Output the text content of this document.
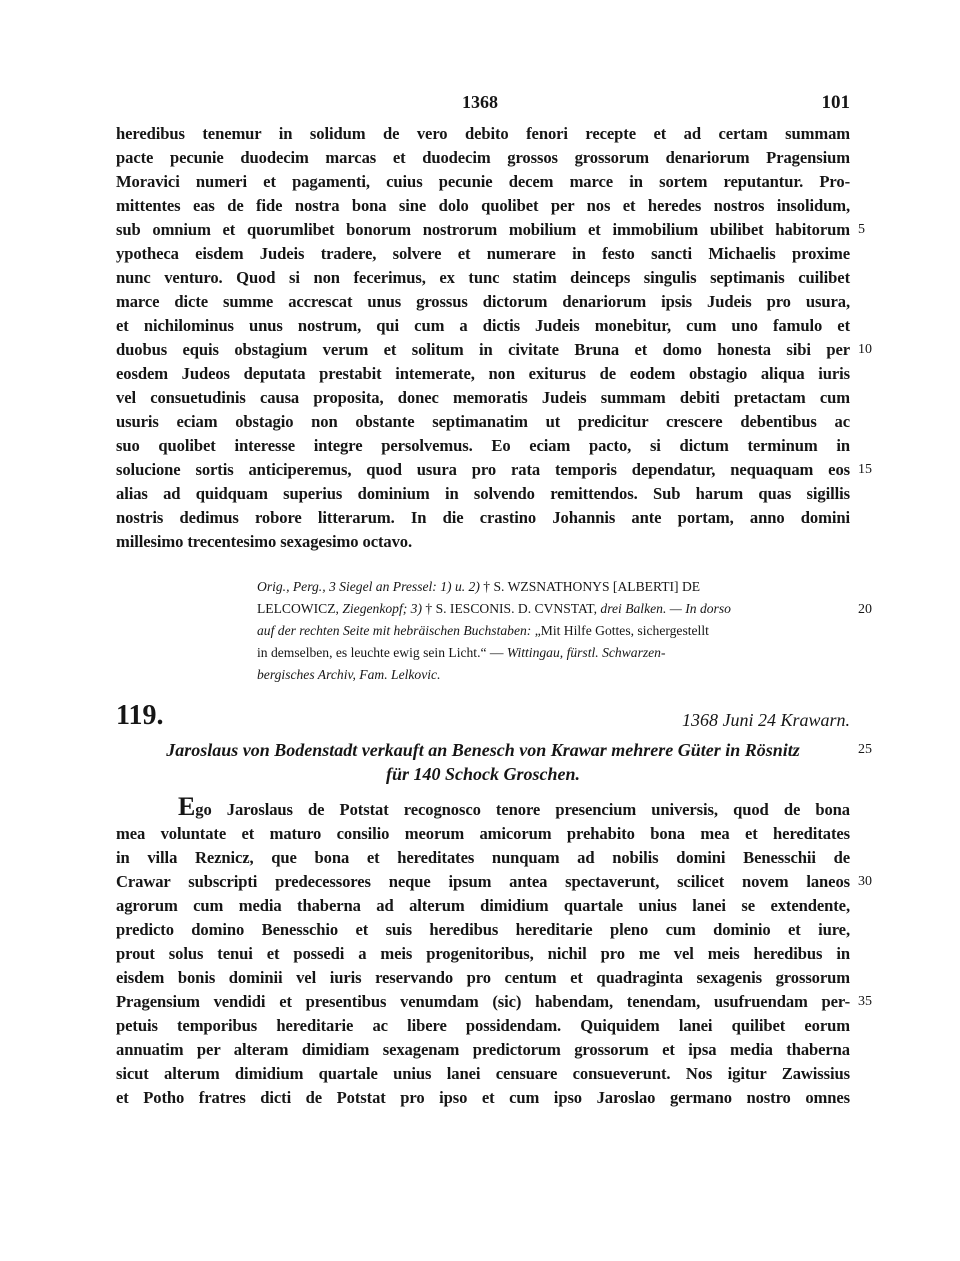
1368	101
heredibus tenemur in solidum de vero debito fenori recepte et ad certam summam
pacte pecunie duodecim marcas et duodecim grossos grossorum denariorum Pragensium
Moravici numeri et pagamenti, cuius pecunie decem marce in sortem reputantur. Pro-
mittentes eas de fide nostra bona sine dolo quolibet per nos et heredes nostros insolidum,
sub omnium et quorumlibet bonorum nostrorum mobilium et immobilium ubilibet habitorum
ypotheca eisdem Judeis tradere, solvere et numerare in festo sancti Michaelis proxime
nunc venturo. Quod si non fecerimus, ex tunc statim deinceps singulis septimanis cuilibet
marce dicte summe accrescat unus grossus dictorum denariorum ipsis Judeis pro usura,
et nichilominus unus nostrum, qui cum a dictis Judeis monebitur, cum uno famulo et
duobus equis obstagium verum et solitum in civitate Bruna et domo honesta sibi per
eosdem Judeos deputata prestabit intemerate, non exiturus de eodem obstagio aliqua iuris
vel consuetudinis causa proposita, donec memoratis Judeis summam debiti pretactam cum
usuris eciam obstagio non obstante septimanatim ut predicitur crescere debentibus ac
suo quolibet interesse integre persolvemus. Eo eciam pacto, si dictum terminum in
solucione sortis anticiperemus, quod usura pro rata temporis dependatur, nequaquam eos
alias ad quidquam superius dominium in solvendo remittendos. Sub harum quas sigillis
nostris dedimus robore litterarum. In die crastino Johannis ante portam, anno domini
millesimo trecentesimo sexagesimo octavo.
Orig., Perg., 3 Siegel an Pressel: 1) u. 2) † S. WZSNATHONYS [ALBERTI] DE
LELCOWICZ, Ziegenkopf; 3) † S. IESCONIS. D. CVNSTAT, drei Balken. — In dorso
auf der rechten Seite mit hebräischen Buchstaben: „Mit Hilfe Gottes, sichergestellt
in demselben, es leuchte ewig sein Licht.“ — Wittingau, fürstl. Schwarzen-
bergisches Archiv, Fam. Lelkovic.
119.	1368 Juni 24 Krawarn.
Jaroslaus von Bodenstadt verkauft an Benesch von Krawar mehrere Güter in Rösnitz
für 140 Schock Groschen.
Ego Jaroslaus de Potstat recognosco tenore presencium universis, quod de bona
mea voluntate et maturo consilio meorum amicorum prehabito bona mea et hereditates
in villa Reznicz, que bona et hereditates nunquam ad nobilis domini Benesschii de
Crawar subscripti predecessores neque ipsum antea spectaverunt, scilicet novem laneos
agrorum cum media thaberna ad alterum dimidium quartale unius lanei se extendente,
predicto domino Benesschio et suis heredibus hereditarie pleno cum dominio et iure,
prout solus tenui et possedi a meis progenitoribus, nichil pro me vel meis heredibus in
eisdem bonis dominii vel iuris reservando pro centum et quadraginta sexagenis grossorum
Pragensium vendidi et presentibus venumdam (sic) habendam, tenendam, usufruendam per-
petuis temporibus hereditarie ac libere possidendam. Quiquidem lanei quilibet eorum
annuatim per alteram dimidiam sexagenam predictorum grossorum et ipsa media thaberna
sicut alterum dimidium quartale unius lanei censuare consueverunt. Nos igitur Zawissius
et Potho fratres dicti de Potstat pro ipso et cum ipso Jaroslao germano nostro omnes
5
10
15
20
25
30
35
